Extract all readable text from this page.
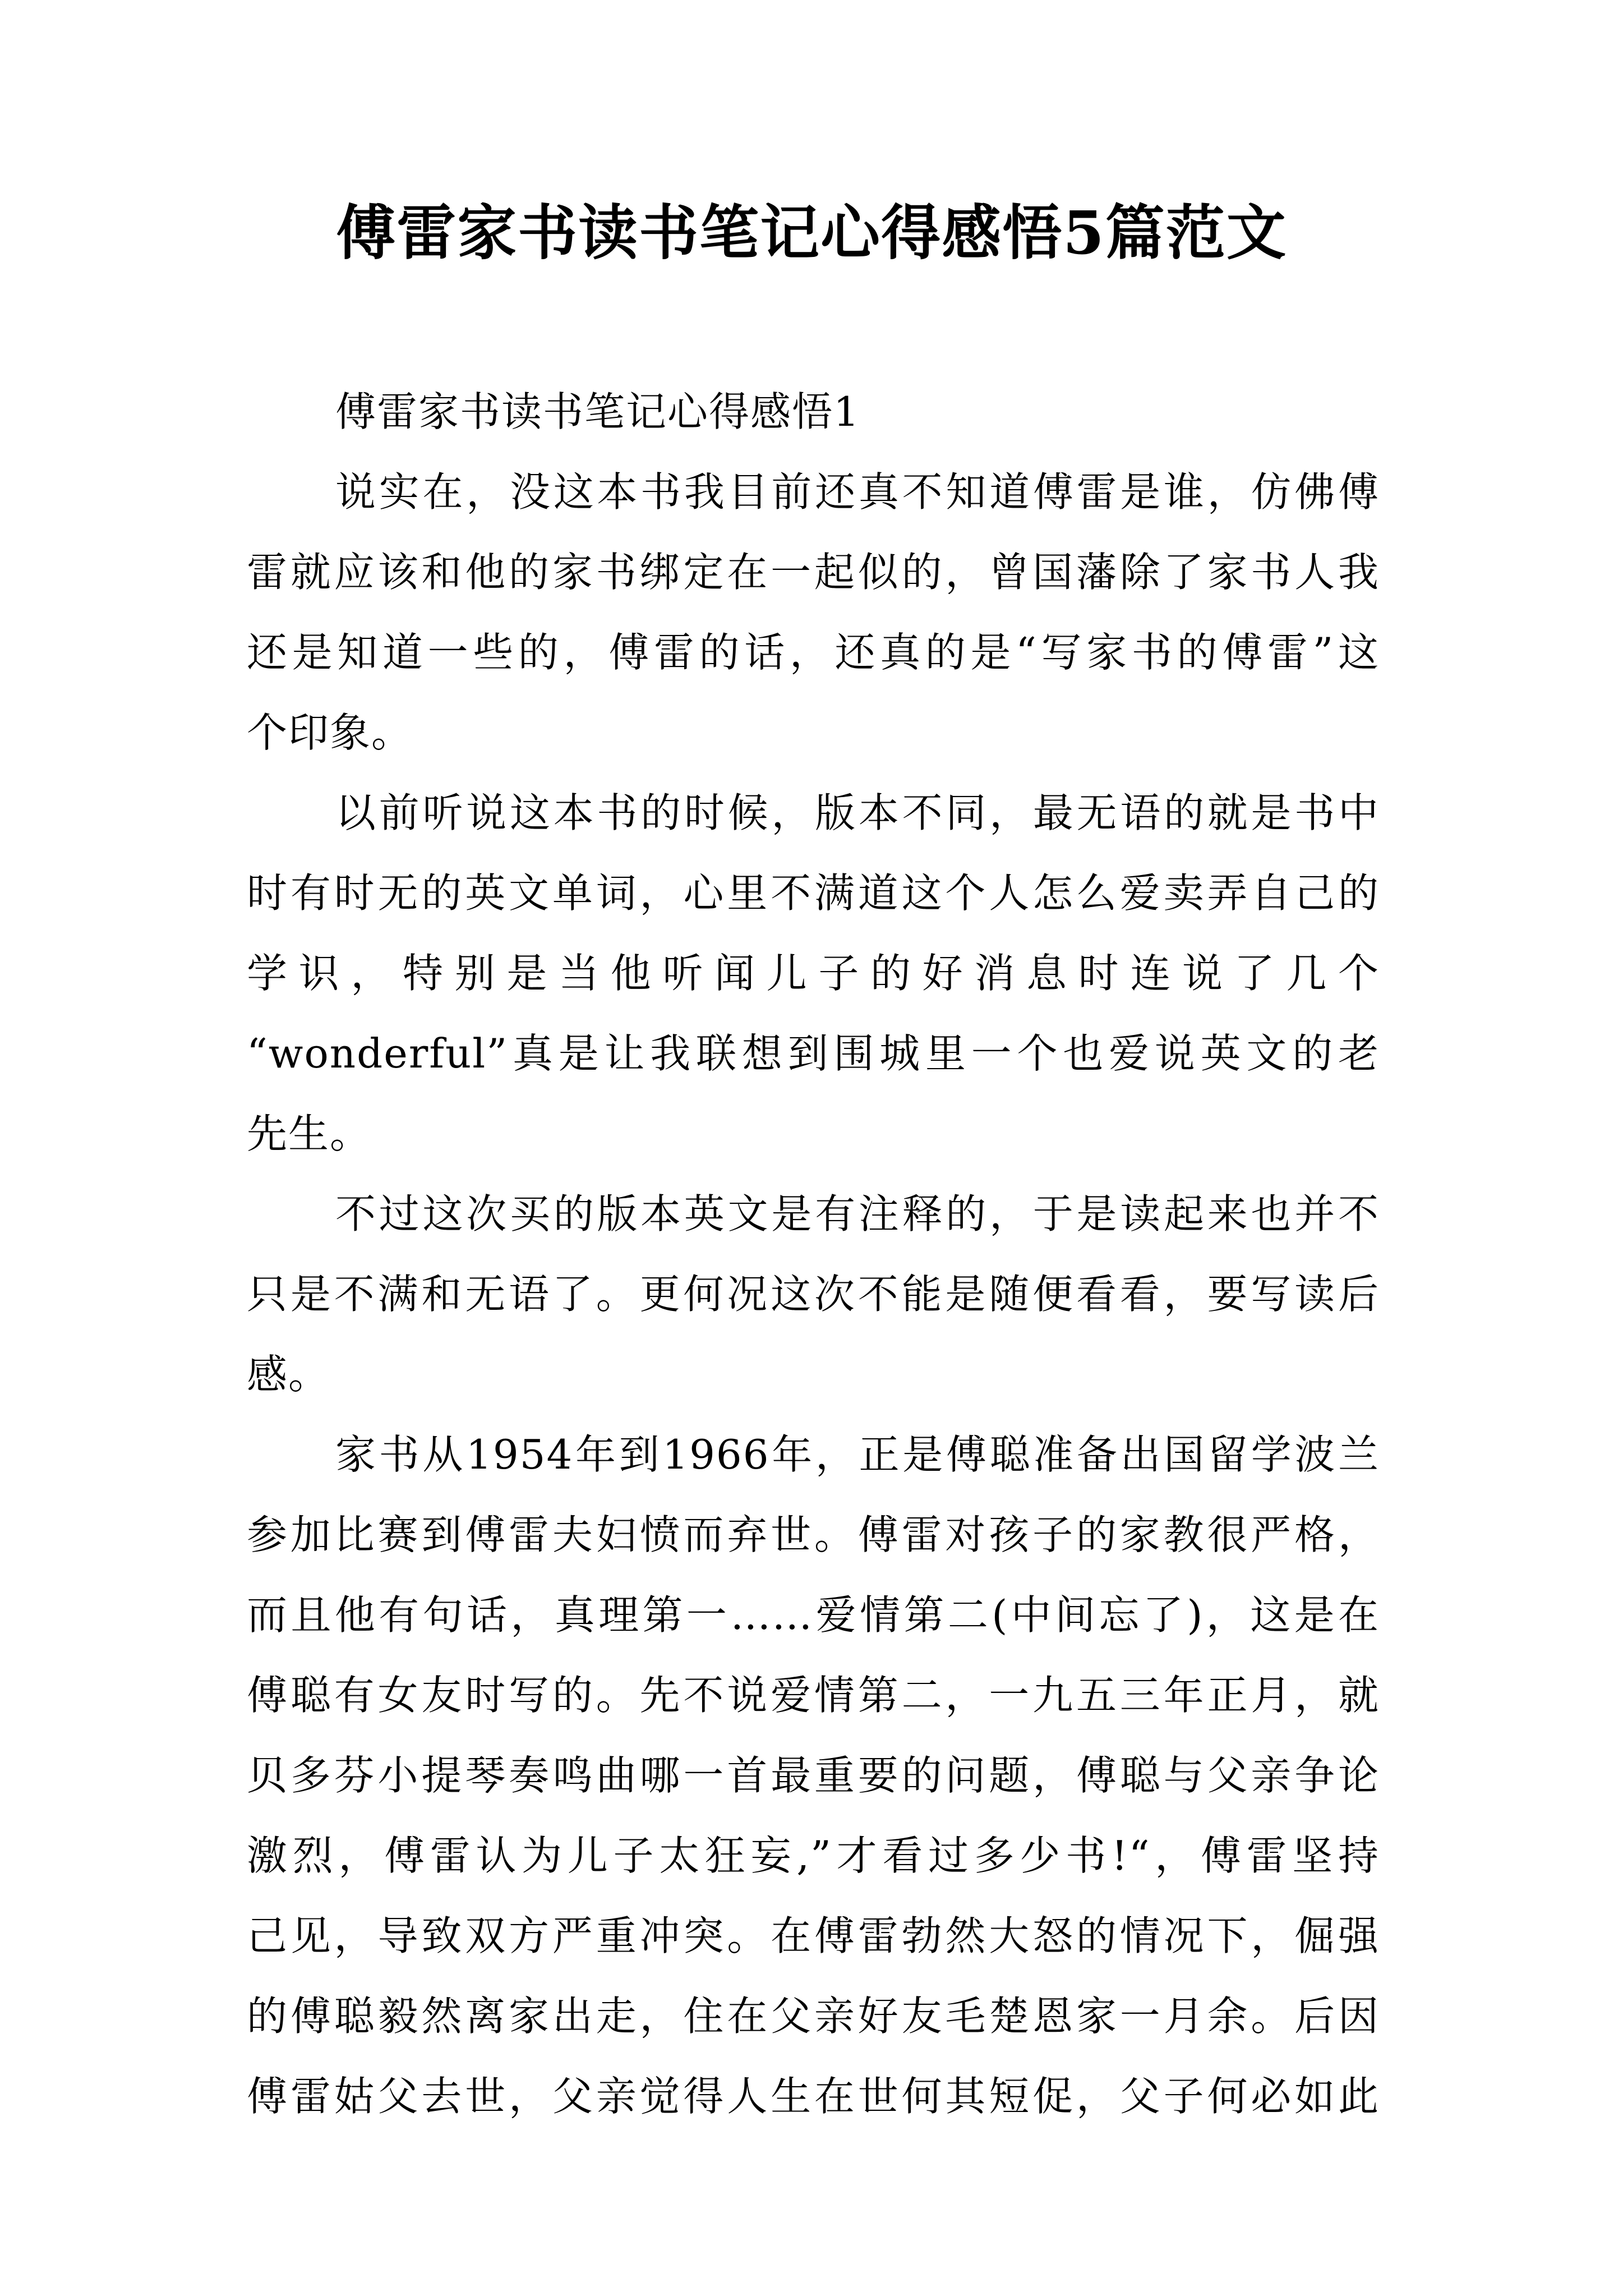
傅雷家书读书笔记心得感悟5篇范文
傅雷家书读书笔记心得感悟1
说实在，没这本书我目前还真不知道傅雷是谁，仿佛傅
雷就应该和他的家书绑定在一起似的，曾国藩除了家书人我
还是知道一些的，傅雷的话，还真的是“写家书的傅雷”这
个印象。
以前听说这本书的时候，版本不同，最无语的就是书中
时有时无的英文单词，心里不满道这个人怎么爱卖弄自己的
学识，特别是当他听闻儿子的好消息时连说了几个
“wonderful”真是让我联想到围城里一个也爱说英文的老
先生。
不过这次买的版本英文是有注释的，于是读起来也并不
只是不满和无语了。更何况这次不能是随便看看，要写读后
感。
家书从1954年到1966年，正是傅聪准备出国留学波兰
参加比赛到傅雷夫妇愤而弃世。傅雷对孩子的家教很严格，
而且他有句话，真理第一……爱情第二(中间忘了)，这是在
傅聪有女友时写的。先不说爱情第二，一九五三年正月，就
贝多芬小提琴奏鸣曲哪一首最重要的问题，傅聪与父亲争论
激烈，傅雷认为儿子太狂妄,”才看过多少书!“，傅雷坚持
己见，导致双方严重冲突。在傅雷勃然大怒的情况下，倔强
的傅聪毅然离家出走，住在父亲好友毛楚恩家一月余。后因
傅雷姑父去世，父亲觉得人生在世何其短促，父子何必如此
